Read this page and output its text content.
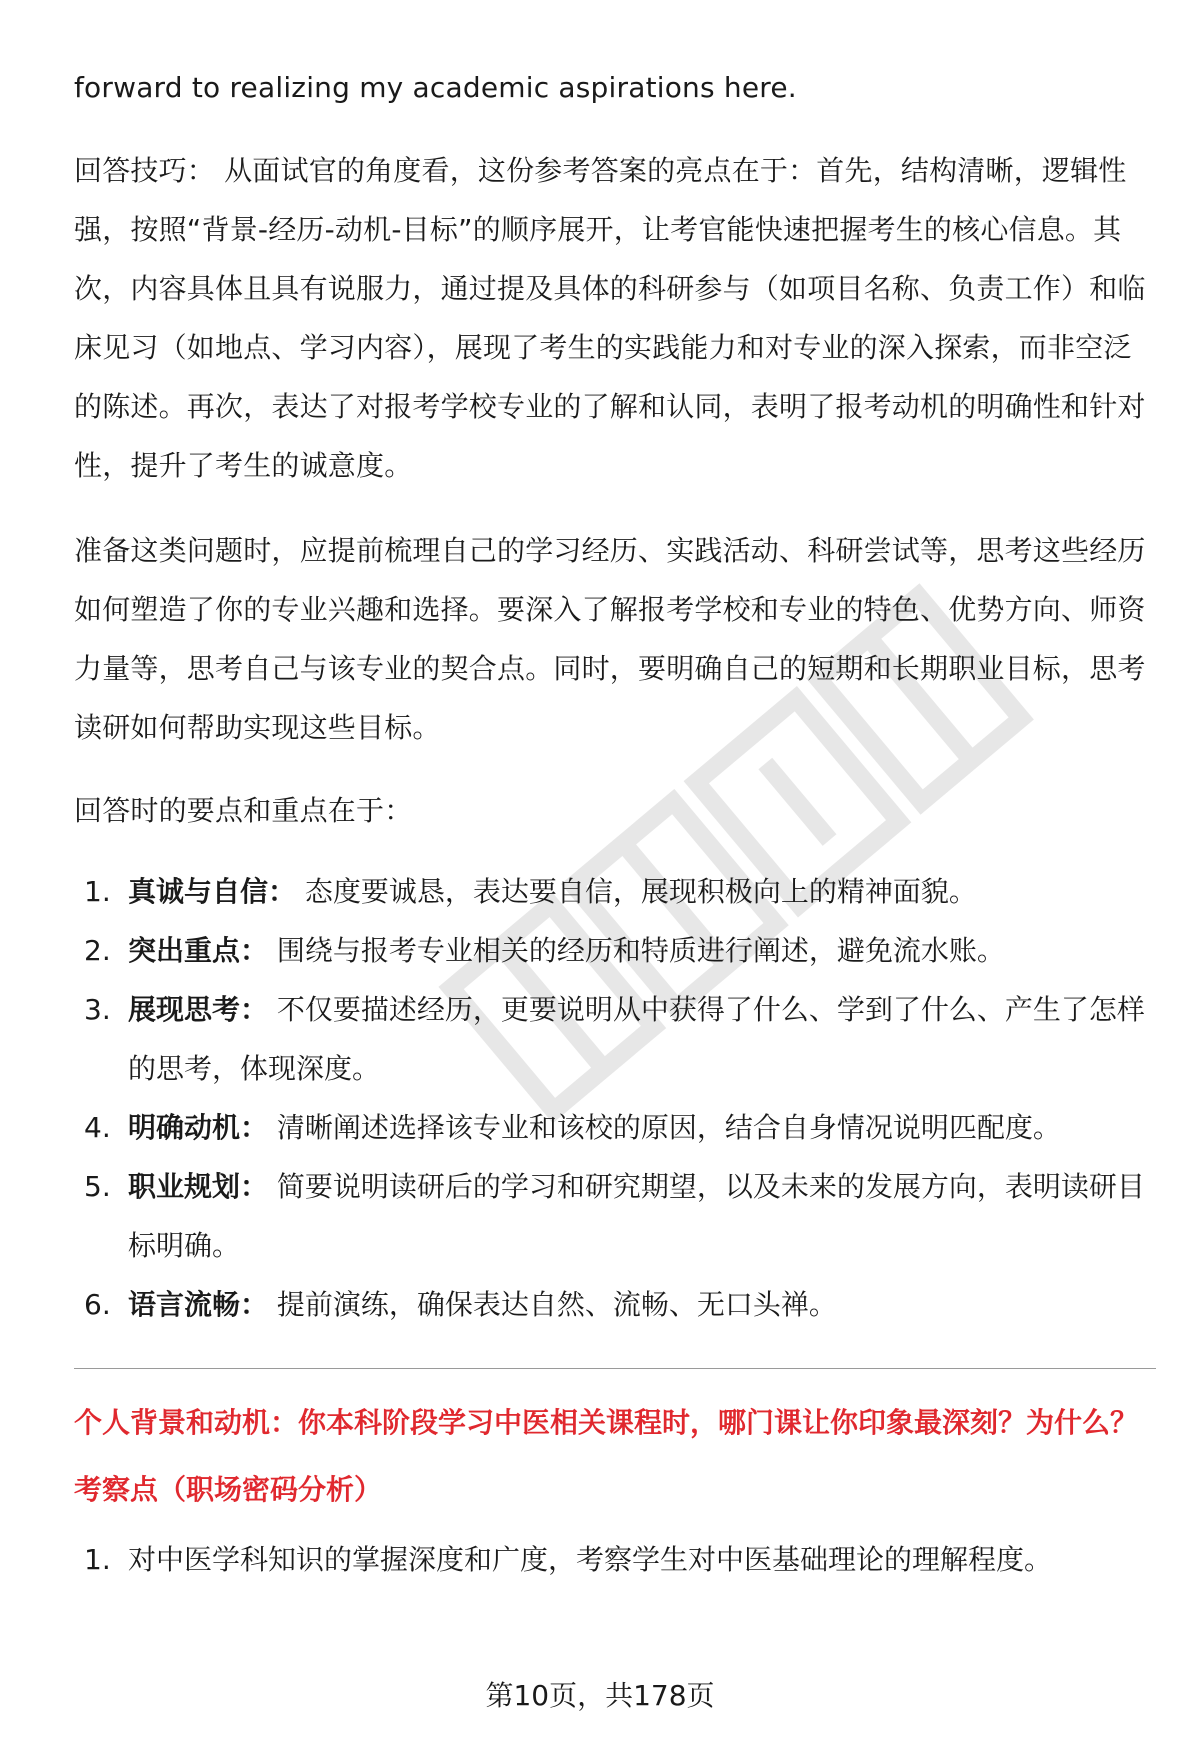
forward to realizing my academic aspirations here.

回答技巧： 从面试官的角度看，这份参考答案的亮点在于：首先，结构清晰，逻辑性强，按照“背景-经历-动机-目标”的顺序展开，让考官能快速把握考生的核心信息。其次，内容具体且具有说服力，通过提及具体的科研参与（如项目名称、负责工作）和临床见习（如地点、学习内容），展现了考生的实践能力和对专业的深入探索，而非空泛的陈述。再次，表达了对报考学校专业的了解和认同，表明了报考动机的明确性和针对性，提升了考生的诚意度。

准备这类问题时，应提前梳理自己的学习经历、实践活动、科研尝试等，思考这些经历如何塑造了你的专业兴趣和选择。要深入了解报考学校和专业的特色、优势方向、师资力量等，思考自己与该专业的契合点。同时，要明确自己的短期和长期职业目标，思考读研如何帮助实现这些目标。

回答时的要点和重点在于：

1. 真诚与自信： 态度要诚恳，表达要自信，展现积极向上的精神面貌。
2. 突出重点： 围绕与报考专业相关的经历和特质进行阐述，避免流水账。
3. 展现思考： 不仅要描述经历，更要说明从中获得了什么、学到了什么、产生了怎样的思考，体现深度。
4. 明确动机： 清晰阐述选择该专业和该校的原因，结合自身情况说明匹配度。
5. 职业规划： 简要说明读研后的学习和研究期望，以及未来的发展方向，表明读研目标明确。
6. 语言流畅： 提前演练，确保表达自然、流畅、无口头禅。

个人背景和动机：你本科阶段学习中医相关课程时，哪门课让你印象最深刻？为什么？

考察点（职场密码分析）

1. 对中医学科知识的掌握深度和广度，考察学生对中医基础理论的理解程度。
第10页，共178页
